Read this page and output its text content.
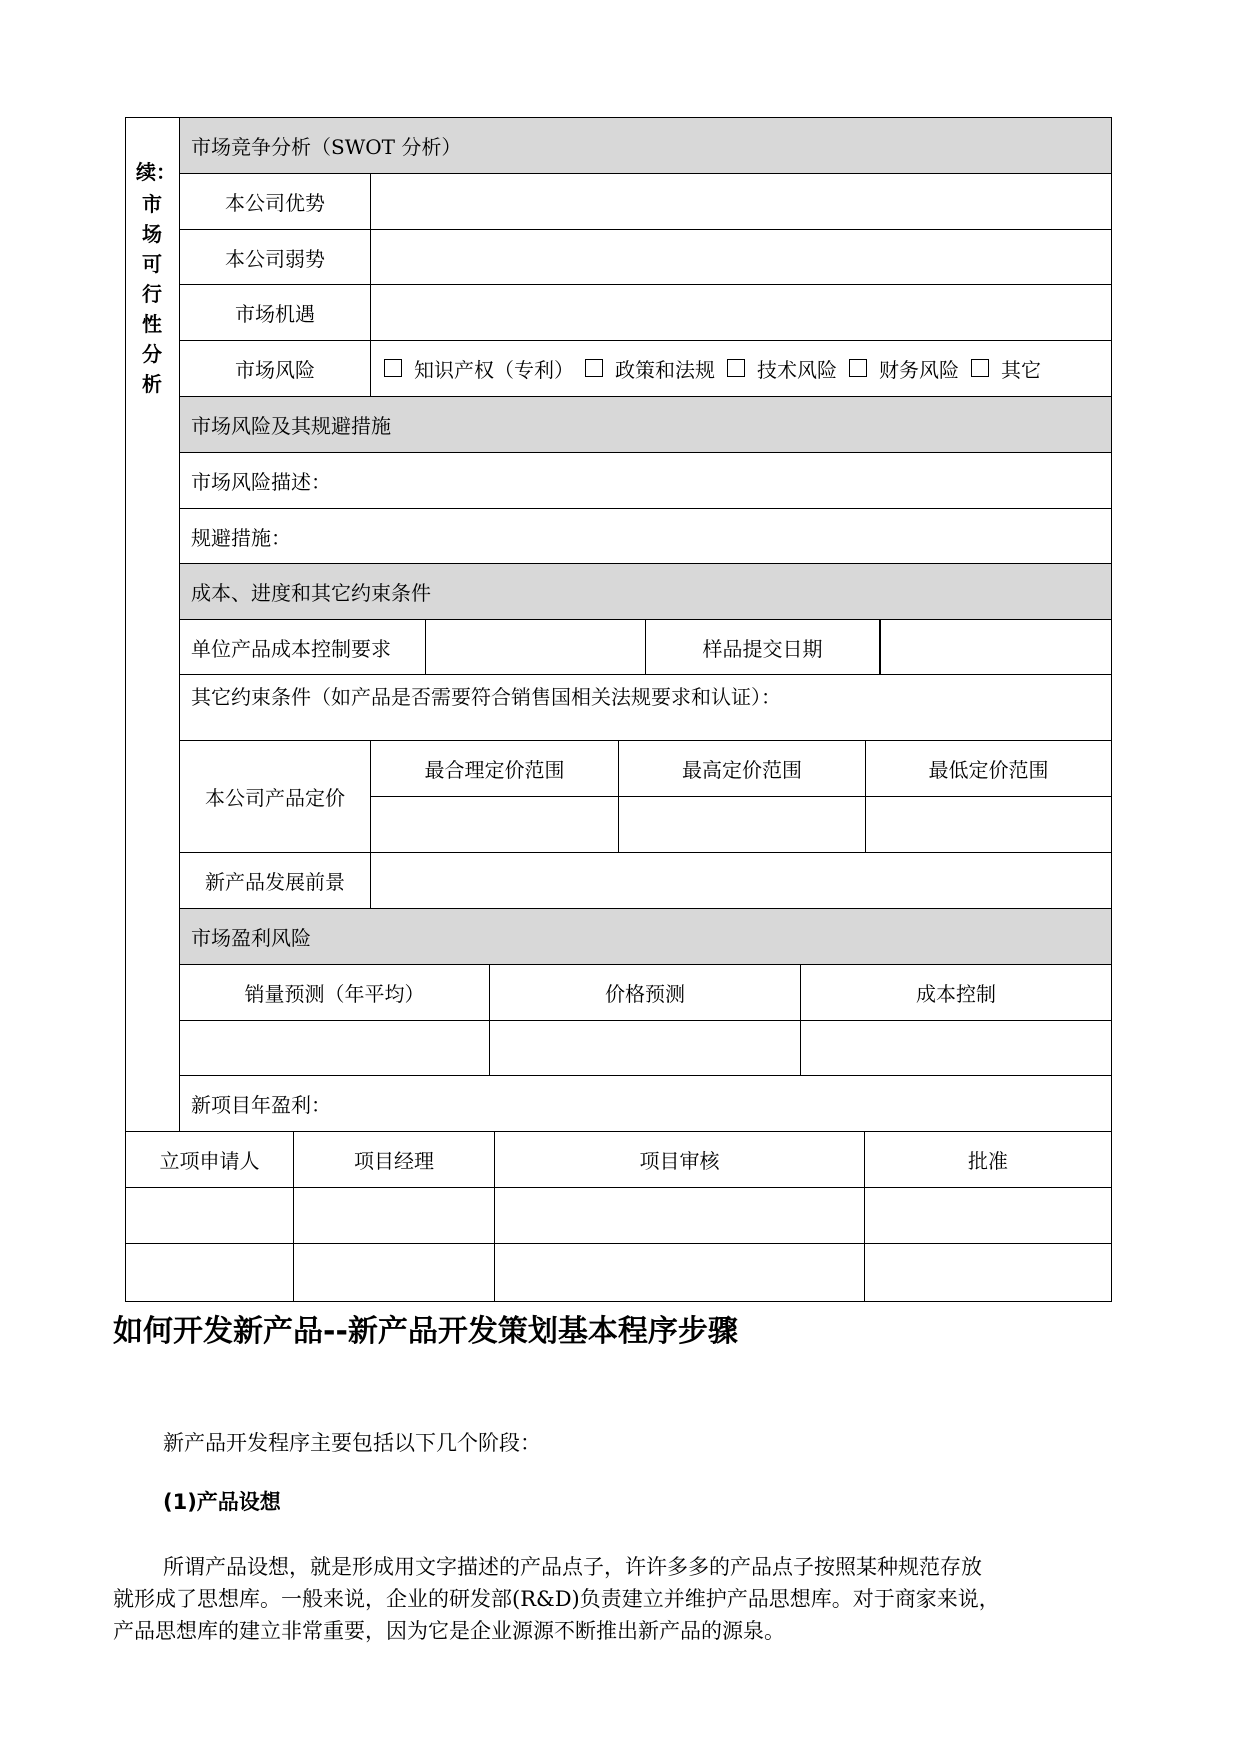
续：
市
场
可
行
性
分
析
市场竞争分析（SWOT 分析）
本公司优势
本公司弱势
市场机遇
市场风险	知识产权（专利） 政策和法规 技术风险 财务风险 其它
市场风险及其规避措施
市场风险描述：
规避措施：
成本、进度和其它约束条件
单位产品成本控制要求	样品提交日期
其它约束条件（如产品是否需要符合销售国相关法规要求和认证）：
本公司产品定价
最合理定价范围	最高定价范围	最低定价范围
新产品发展前景
市场盈利风险
销量预测（年平均）	价格预测	成本控制
新项目年盈利：
立项申请人	项目经理	项目审核	批准
如何开发新产品--新产品开发策划基本程序步骤

新产品开发程序主要包括以下几个阶段：

(1)产品设想

所谓产品设想，就是形成用文字描述的产品点子，许许多多的产品点子按照某种规范存放

就形成了思想库。一般来说，企业的研发部(R&D)负责建立并维护产品思想库。对于商家来说，

产品思想库的建立非常重要，因为它是企业源源不断推出新产品的源泉。
